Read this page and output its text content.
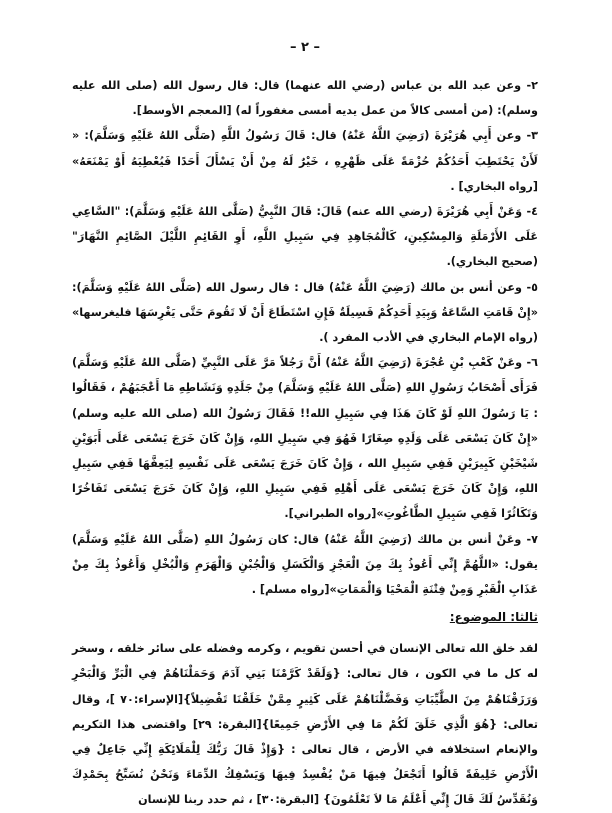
– ٢ –

٢- وعن عبد الله بن عباس (رضي الله عنهما) قال: قال رسول الله (صلى الله عليه وسلم): (من أمسى كالاً من عمل يديه أمسى مغفوراً له) [المعجم الأوسط].

٣- وعن أَبِي هُرَيْرَةَ (رَضِيَ اللَّهُ عَنْهُ) قال: قَالَ رَسُولُ اللَّهِ (صَلَّى اللهُ عَلَيْهِ وَسَلَّمَ): « لَأَنْ يَحْتَطِبَ أَحَدُكُمْ حُزْمَةً عَلَى ظَهْرِهِ ، خَيْرٌ لَهُ مِنْ أَنْ يَسْأَلَ أَحَدًا فَيُعْطِيَهُ أَوْ يَمْنَعَهُ» [رواه البخاري] .

٤- وَعَنْ أَبِي هُرَيْرَةَ (رضي الله عنه) قَالَ: قَالَ النَّبِيُّ (صَلَّى اللهُ عَلَيْهِ وَسَلَّمَ): "السَّاعِي عَلَى الأَرْمَلَةِ وَالمِسْكِينِ، كَالْمُجَاهِدِ فِي سَبِيلِ اللَّهِ، أَوِ القَائِمِ اللَّيْلَ الصَّائِمِ النَّهَارَ" (صحيح البخاري).

٥- وعن أنس بن مالك (رَضِيَ اللَّهُ عَنْهُ) قال : قال رسول الله (صَلَّى اللهُ عَلَيْهِ وَسَلَّمَ): «إِنْ قَامَتِ السَّاعَةُ وَبِيَدِ أَحَدِكُمْ فَسِيلَةٌ فَإِنِ اسْتَطَاعَ أَنْ لَا تَقُومَ حَتَّى يَغْرِسَهَا فليغرسها» (رواه الإمام البخاري في الأدب المفرد ).

٦- وعَنْ كَعْبِ بْنِ عُجْرَةَ (رَضِيَ اللَّهُ عَنْهُ) أَنَّ رَجُلاً مَرَّ عَلَى النَّبِيِّ (صَلَّى اللهُ عَلَيْهِ وَسَلَّمَ) فَرَأَى أَصْحَابُ رَسُولِ اللهِ (صَلَّى اللهُ عَلَيْهِ وَسَلَّمَ) مِنْ جَلَدِهِ وَنَشَاطِهِ مَا أَعْجَبَهُمْ ، فَقَالُوا : يَا رَسُولَ اللهِ لَوْ كَانَ هَذَا فِي سَبِيلِ الله!! فَقَالَ رَسُولُ الله (صلى الله عليه وسلم) «إِنْ كَانَ يَسْعَى عَلَى وَلَدِهِ صِغَارًا فَهُوَ فِي سَبِيلِ اللهِ، وَإِنْ كَانَ خَرَجَ يَسْعَى عَلَى أَبَوَيْنِ شَيْخَيْنِ كَبِيرَيْنِ فَفِي سَبِيلِ الله ، وَإِنْ كَانَ خَرَجَ يَسْعَى عَلَى نَفْسِهِ لِيَعِفَّهَا فَفِي سَبِيلِ اللهِ، وَإِنْ كَانَ خَرَجَ يَسْعَى عَلَى أَهْلِهِ فَفِي سَبِيلِ اللهِ، وَإِنْ كَانَ خَرَجَ يَسْعَى تَفَاخُرًا وَتَكَاثُرًا فَفِي سَبِيلِ الطَّاغُوتِ»[رواه الطبراني].

٧- وعَنْ أنس بن مالك (رَضِيَ اللَّهُ عَنْهُ) قال: كان رَسُولُ اللهِ (صَلَّى اللهُ عَلَيْهِ وَسَلَّمَ) يقول: «اللَّهُمَّ إِنِّي أَعُوذُ بِكَ مِنَ الْعَجْزِ وَالْكَسَلِ وَالْجُبْنِ وَالْهَرَمِ وَالْبُخْلِ وَأَعُوذُ بِكَ مِنْ عَذَابِ الْقَبْرِ وَمِنْ فِتْنَةِ الْمَحْيَا وَالْمَمَاتِ»[رواه مسلم] .

ثالثا: الموضوع:

لقد خلق الله تعالى الإنسان في أحسن تقويم ، وكرمه وفضله على سائر خلقه ، وسخر له كل ما في الكون ، قال تعالى: {وَلَقَدْ كَرَّمْنَا بَنِي آدَمَ وَحَمَلْنَاهُمْ فِي الْبَرِّ وَالْبَحْرِ وَرَزَقْنَاهُمْ مِنَ الطَّيِّبَاتِ وَفَضَّلْنَاهُمْ عَلَى كَثِيرٍ مِمَّنْ خَلَقْنَا تَفْضِيلاً}[الإسراء:٧٠ ]، وقال تعالى: {هُوَ الَّذِي خَلَقَ لَكُمْ مَا فِي الأَرْضِ جَمِيعًا}[البقرة: ٢٩] واقتضى هذا التكريم والإنعام استخلافه في الأرض ، قال تعالى : {وَإِذْ قَالَ رَبُّكَ لِلْمَلَائِكَةِ إِنِّي جَاعِلٌ فِي الْأَرْضِ خَلِيفَةً قَالُوا أَتَجْعَلُ فِيهَا مَنْ يُفْسِدُ فِيهَا وَيَسْفِكُ الدِّمَاءَ وَنَحْنُ نُسَبِّحُ بِحَمْدِكَ وَنُقَدِّسُ لَكَ قَالَ إِنِّي أَعْلَمُ مَا لاَ تَعْلَمُونَ} [البقرة:٣٠] ، ثم حدد ربنا للإنسان
